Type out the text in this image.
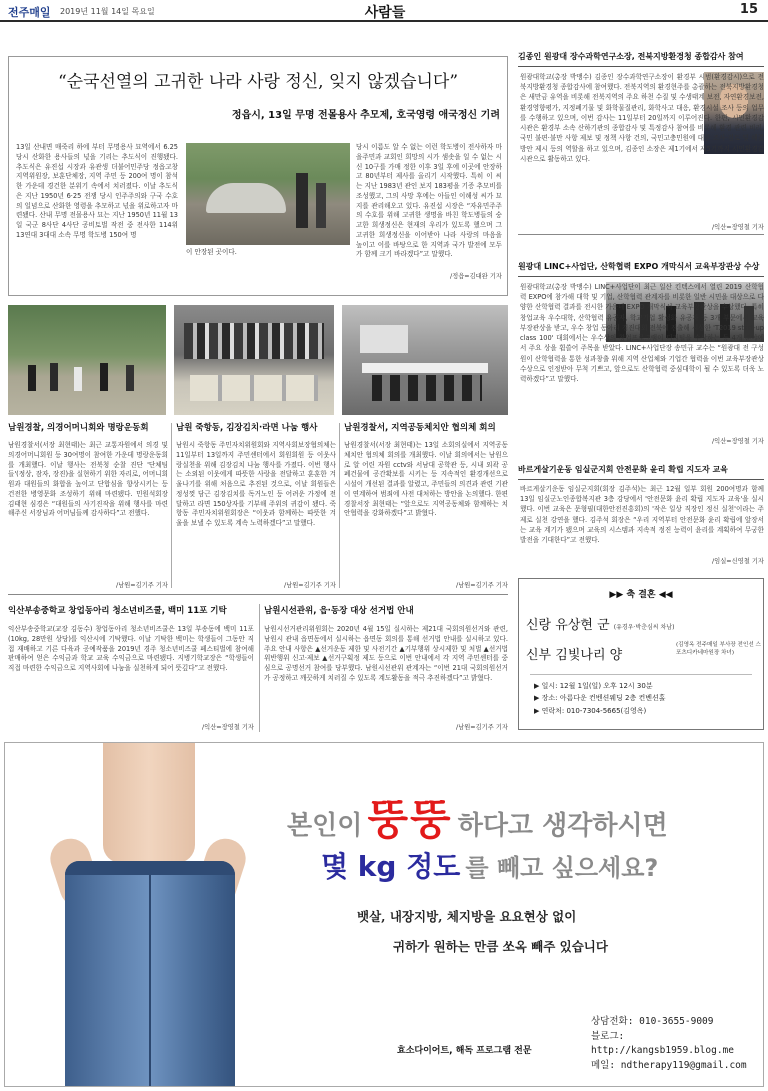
전주매일 2019년 11월 14일 목요일	사람들	15
“순국선열의 고귀한 나라 사랑 정신, 잊지 않겠습니다”
정읍시, 13일 무명 전몰용사 추모제, 호국영령 애국정신 기려
13일 산내면 매죽리 하에 부터 무명용사 묘역에서 6.25 당시 산화한 용사들의 넋을 기리는 추도식이 진행됐다. 추도식은 유진섭 시장과 유관생 더불어민주당 정읍고창지역위원장, 보훈단체장, 지역 주민 등 200여 명이 참석한 가운데 경건한 분위기 속에서 치러졌다. 이날 추도식은 지난 1950년 6·25 전쟁 당시 인주주의와 구국 수호의 일념으로 산화한 영령을 추모하고 넋을 위로하고자 마련됐다. 산내 무명 전몰용사 묘는 지난 1950년 11월 13일 국군 8사단 4사단 공비토벌 작전 중 전사한 114위 13연대 3대대 소속 무명 학도병 150여 명
이 안장된 곳이다.
당시 이름도 알 수 없는 이런 학도병이 전사하자 마을주민과 교회인 희망의 시가 샘솟을 일 수 없는 시신 10구를 가매 정한 이후 3일 후에 이곳에 안장하고 80년부터 제사를 올리기 시작했다. 특히 이 씨는 지난 1983년 관인 보지 183평을 기증 추모비를 조성했고, 그의 사망 후에는 아들인 이해성 씨가 묘지를 관리해오고 있다. 유진섭 시장은 “자유민주주의 수호를 위해 고귀한 생명을 바친 학도병들의 숭고한 희생정신은 현재의 우리가 있도록 했으며 그 고귀한 희생정신을 이어받아 나라 사랑의 마음을 높이고 이를 바탕으로 한 지역과 국가 발전에 모두가 함께 크기 바라겠다”고 말했다.
/정읍=김대완 기자
김종인 원광대 장수과학연구소장, 전북지방환경청 종합감사 참여
원광대학교(총장 박맹수) 김종인 장수과학연구소장이 환경부 시범(환경감시)으로 전북지방환경청 종합감사에 참여했다. 전북지역의 환경현주를 총괄하는 전북지방환경청은 새만금 유역을 비롯해 전북지역의 주요 하천 수질 및 수생태계 보전, 자연환경보전, 환경영향평가, 지정폐기물 및 화학물질관리, 화학사고 대응, 환경시설 조사 등의 업무를 수행하고 있으며, 이번 감사는 11일부터 20일까지 이루어진다. 한편, 시민환경감시관은 환경부 소속 산하기관의 종합감사 및 특정감사 참여를 비롯해 환경 관련 비리, 국민 불편·불만 사항 제보 및 정책 사항 건의, 국민고충민원에 대한 조사·검토 및 해결방안 제시 등의 역할을 하고 있으며, 김종인 소장은 제1기에서 제5기까지 시민환경감시관으로 활동하고 있다.
/익산=장영철 기자
원광대 LINC+사업단, 산학협력 EXPO 개막식서 교육부장관상 수상
원광대학교(총장 박맹수) LINC+사업단이 최근 일산 킨텍스에서 열린 2019 산학협력 EXPO에 참가해 대학 및 기업, 산학협력 관계자를 비롯한 일반 시민을 대상으로 다양한 산학협력 결과를 전시한 가운데 EXPO 개막식서 교육부장관상을 수상했다. 특히 창업교육 우수대학, 산학협력 유공자, 학교기업 활성화 유공자 등 3개 부문에서 교육부장관상을 받고, 우수 창업 동아리 경진대회 전북에 진출해 시상한 'T2019 start-up class 100' 대회에서는 우수상의 창업프로그램이 디지털을 수상하는 등 4개 분야에서 주요 상을 휩쓸어 주목을 받았다. LINC+사업단장 송민규 교수는 “원광대 전 구성원이 산학협력을 통한 성과창출 위해 지역 산업체와 기업간 협력을 이번 교육부장관상 수상으로 인정받아 무척 기쁘고, 앞으로도 산학협력 중심대학이 될 수 있도록 더욱 노력하겠다”고 말했다.
/익산=장영철 기자
바르게살기운동 임실군지회 안전문화 윤리 확립 지도자 교육
바르게살기운동 임실군지회(회장 김주석)는 최근 12월 일부 회원 200여명과 함께 13일 임실군노인종합복지관 3층 강당에서 '안전문화 윤리 확립 지도자 교육'을 실시했다. 이번 교육은 문형필(대한안전진흥회)의 '작은 일상 직장인 정신 실천'이라는 주제로 실천 강연을 했다. 김주석 회장은 “우리 지역부터 안전문화 윤리 확립에 앞장서는 교육 계기가 됐으며 교육의 시스템과 지속적 정진 능력이 윤리를 계획하여 무궁한 발전을 기대한다”고 전했다.
/임실=신영철 기자
▶▶ 축 결혼 ◀◀
신랑 유상현 군 (유경우·박춘심씨 차남)
신부 김빛나리 양
(김영옥 전주매일 부사장 전인선 스포츠디카네마원장 차녀)
▶ 일시: 12월 1일(일) 오후 12시 30분
▶ 장소: 아름다운 컨벤션웨딩 2층 컨벤션홀
▶ 연락처: 010-7304-5665(김영옥)
남원경찰, 의경어머니회와 명랑운동회
남원경찰서(서장 최현태)는 최근 교통자원에서 의경 및 의경어머니회원 등 30여명이 참여한 가운데 명랑운동회를 개최했다. 이날 행사는 전북청 순찰 진단 '단체팀들'(정상, 잠자, 장진)을 실현하기 위한 자리로, 어머니회원과 대원들의 화합을 높이고 단합심을 향상시키는 등 건전한 병영문화 조성하기 위해 마련됐다. 민원석회장 김태현 심경은 “대원들의 사기진작을 위해 행사를 마련해주신 서장님과 어머님들께 감사하다”고 전했다.
/남원=김기주 기자
남원 죽항동, 김장김치·라면 나눔 행사
남원시 죽항동 주민자치위원회와 지역사회보장협의체는 11일부터 13일까지 주민센터에서 회원회원 등 이웃사랑실천을 위해 김장김치 나눔 행사를 가졌다. 이번 행사는 소외된 이웃에게 따뜻한 사랑을 전달하고 훈훈한 겨울나기를 위해 처음으로 추진된 것으로, 이날 회원들은 정성껏 담근 김장김치를 독거노인 등 어려운 가정에 전달하고 라면 150상자를 기부해 주위의 귀감이 됐다. 죽항동 주민자치위원회장은 “이웃과 함께하는 따뜻한 겨울을 보낼 수 있도록 계속 노력하겠다”고 말했다.
/남원=김기주 기자
남원경찰서, 지역공동체치안 협의체 회의
남원경찰서(서장 최현태)는 13일 소회의실에서 지역공동체치안 협의체 회의를 개최했다. 이날 회의에서는 남원으로 알 어린 자원 cctv와 서남대 공학관 등, 시내 외곽 공폐건물에 공간확보를 시키는 등 지속적인 환경개선으로 시설이 개선된 결과를 알렸고, 주민들의 의견과 관련 기관이 연계하여 범죄에 사전 대처하는 방안을 논의했다. 한편 경찰서장 최현태는 “앞으로도 지역공동체와 함께하는 치안협력을 강화하겠다”고 밝혔다.
/남원=김기주 기자
익산부송중학교 창업동아리 청소년비즈쿨, 백미 11포 기탁
익산부송중학교(교장 김동수) 창업동아리 청소년비즈쿨은 13일 부송동에 백미 11포(10kg, 28만원 상당)를 익산시에 기탁했다. 이날 기탁한 백미는 학생들이 그동안 직접 재배하고 기른 다육과 공예작품을 2019년 경주 청소년비즈쿨 페스티벌에 참여해 판매하여 얻은 수익금과 학교 교육 수익금으로 마련됐다. 지병기학교장은 “학생들이 직접 마련한 수익금으로 지역사회에 나눔을 실천하게 되어 뜻깊다”고 전했다.
/익산=장영철 기자
남원시선관위, 읍·동장 대상 선거법 안내
남원시선거관리위원회는 2020년 4월 15일 실시하는 제21대 국회의원선거와 관련, 남원시 관내 읍면동에서 실시하는 읍면동 회의를 통해 선거법 안내를 실시하고 있다. 주요 안내 사항은 ▲선거운동 제한 및 사전기간 ▲기부행위 상시제한 및 처벌 ▲선거법 위반행위 신고·제보 ▲선거구획정 제도 등으로 이번 안내에서 각 지역 주민센터를 중심으로 공명선거 참여를 당부했다. 남원시선관위 관계자는 “이번 21대 국회의원선거가 공정하고 깨끗하게 치러질 수 있도록 계도활동을 적극 추진하겠다”고 밝혔다.
/남원=김기주 기자
본인이 뚱뚱 하다고 생각하시면
몇 kg 정도 를 빼고 싶으세요?
뱃살, 내장지방, 체지방을 요요현상 없이
귀하가 원하는 만큼 쏘옥 빼주 있습니다
효소다이어트, 해독 프로그램 전문
상담전화: 010-3655-9009
블로그: http://kangsb1959.blog.me
메일: ndtherapy119@gmail.com
